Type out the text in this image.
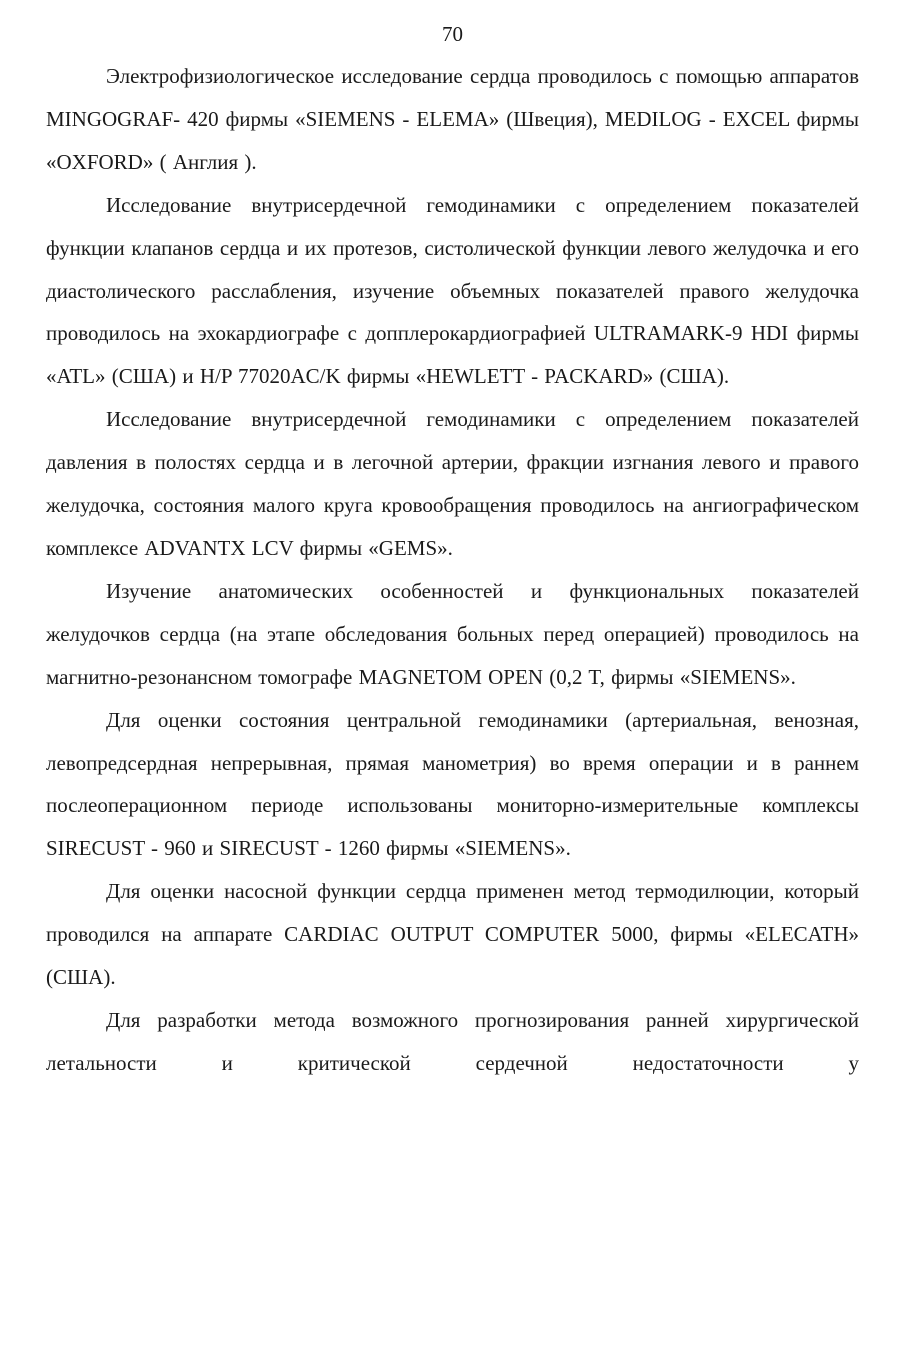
70

Электрофизиологическое исследование сердца проводилось с помощью аппаратов MINGOGRAF- 420 фирмы «SIEMENS - ELEMA» (Швеция), MEDILOG - EXCEL фирмы «OXFORD» ( Англия ).

Исследование внутрисердечной гемодинамики с определением показателей функции клапанов сердца и их протезов, систолической функции левого желудочка и его диастолического расслабления, изучение объемных показателей правого желудочка проводилось на эхокардиографе с допплерокардиографией ULTRAMARK-9 HDI фирмы «ATL» (США) и H/P 77020AC/K фирмы «HEWLETT - PACKARD» (США).

Исследование внутрисердечной гемодинамики с определением показателей давления в полостях сердца и в легочной артерии, фракции изгнания левого и правого желудочка, состояния малого круга кровообращения проводилось на ангиографическом комплексе ADVANTX LCV фирмы «GEMS».

Изучение анатомических особенностей и функциональных показателей желудочков сердца (на этапе обследования больных перед операцией) проводилось на магнитно-резонансном томографе MAGNETOM OPEN (0,2 T, фирмы «SIEMENS».

Для оценки состояния центральной гемодинамики (артериальная, венозная, левопредсердная непрерывная, прямая манометрия) во время операции и в раннем послеоперационном периоде использованы мониторно-измерительные комплексы SIRECUST - 960 и SIRECUST - 1260 фирмы «SIEMENS».

Для оценки насосной функции сердца применен метод термодилюции, который проводился на аппарате CARDIAC OUTPUT COMPUTER 5000, фирмы «ELECATH» (США).

Для разработки метода возможного прогнозирования ранней хирургической летальности и критической сердечной недостаточности у
